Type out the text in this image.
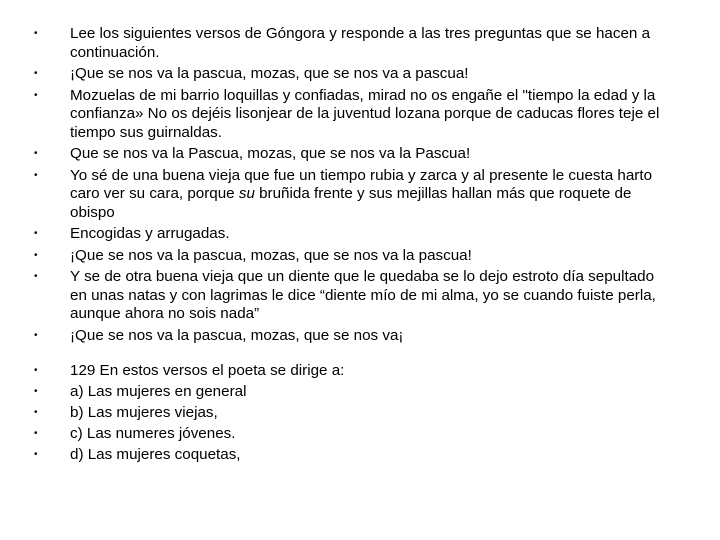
• Lee los siguientes versos de Góngora y responde a las tres preguntas que se hacen a continuación.
• ¡Que se nos va la pascua, mozas, que se nos va a pascua!
• Mozuelas de mi barrio loquillas y confiadas, mirad no os engañe el "tiempo la edad y la confianza» No os dejéis lisonjear de la juventud lozana porque de caducas flores teje el tiempo sus guirnaldas.
• Que se nos va la Pascua, mozas, que se nos va la Pascua!
• Yo sé de una buena vieja que fue un tiempo rubia y zarca y al presente le cuesta harto caro ver su cara, porque su bruñida frente y sus mejillas hallan más que roquete de obispo
• Encogidas y arrugadas.
• ¡Que se nos va la pascua, mozas, que se nos va la pascua!
• Y se de otra buena vieja que un diente que le quedaba se lo dejo estroto día sepultado en unas natas y con lagrimas le dice “diente mío de mi alma, yo se cuando fuiste perla, aunque ahora no sois nada”
• ¡Que se nos va la pascua, mozas, que se nos va¡
• 129 En estos versos el poeta se dirige a:
• a) Las mujeres en general
• b) Las mujeres viejas,
• c) Las numeres jóvenes.
• d) Las mujeres coquetas,
